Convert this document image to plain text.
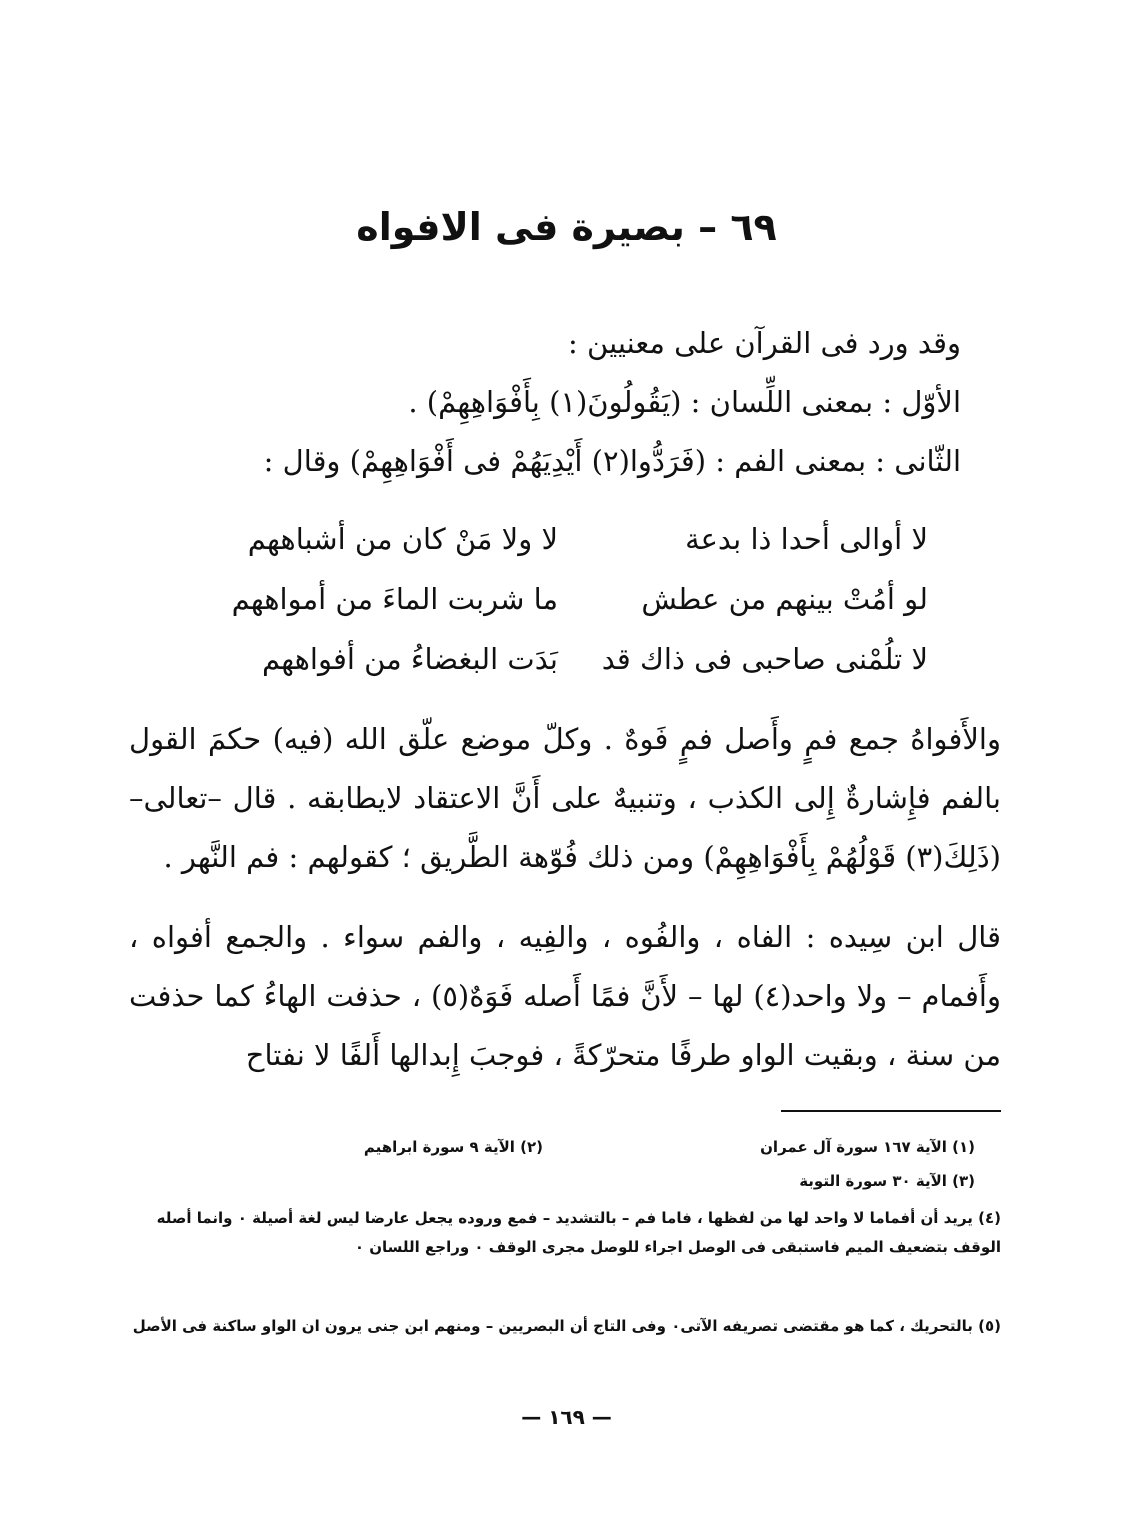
٦٩ – بصيرة فى الافواه

وقد ورد فى القرآن على معنيين :

الأوّل : بمعنى اللِّسان : (يَقُولُونَ(١) بِأَفْوَاهِهِمْ) .

الثّانى : بمعنى الفم : (فَرَدُّوا(٢) أَيْدِيَهُمْ فى أَفْوَاهِهِمْ) وقال :

لا أوالى أحدا ذا بدعة
لا ولا مَنْ كان من أشباههم
لو أمُتْ بينهم من عطش
ما شربت الماءَ من أمواههم
لا تلُمْنى صاحبى فى ذاك قد
بَدَت البغضاءُ من أفواههم

والأَفواهُ جمع فمٍ وأَصل فمٍ فَوهٌ . وكلّ موضع علّق الله (فيه) حكمَ القول بالفم فإِشارةٌ إِلى الكذب ، وتنبيهٌ على أَنَّ الاعتقاد لايطابقه . قال –تعالى– (ذَلِكَ(٣) قَوْلُهُمْ بِأَفْوَاهِهِمْ) ومن ذلك فُوّهة الطَّريق ؛ كقولهم : فم النَّهر .

قال ابن سِيده : الفاه ، والفُوه ، والفِيه ، والفم سواء . والجمع أفواه ، وأَفمام – ولا واحد(٤) لها – لأَنَّ فمًا أَصله فَوَهٌ(٥) ، حذفت الهاءُ كما حذفت من سنة ، وبقيت الواو طرفًا متحرّكةً ، فوجبَ إِبدالها أَلفًا لا نفتاح

(١) الآية ١٦٧ سورة آل عمران
(٢) الآية ٩ سورة ابراهيم
(٣) الآية ٣٠ سورة التوبة

(٤) يريد أن أفماما لا واحد لها من لفظها ، فاما فم – بالتشديد – فمع وروده يجعل عارضا ليس لغة أصيلة ٠ وانما أصله الوقف بتضعيف الميم فاستبقى فى الوصل اجراء للوصل مجرى الوقف ٠ وراجع اللسان ٠

(٥) بالتحريك ، كما هو مقتضى تصريفه الآتى٠ وفى التاج أن البصريين – ومنهم ابن جنى يرون ان الواو ساكنة فى الأصل

— ١٦٩ —
